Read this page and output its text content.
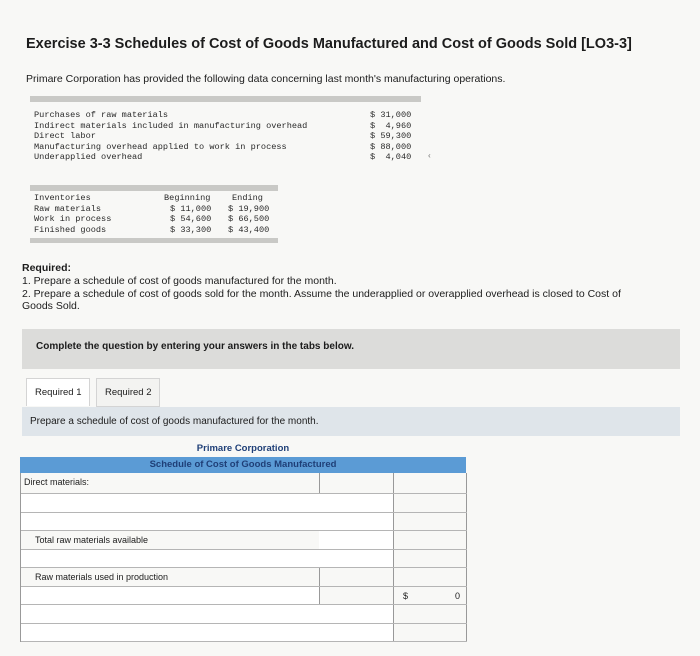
Exercise 3-3 Schedules of Cost of Goods Manufactured and Cost of Goods Sold [LO3-3]
Primare Corporation has provided the following data concerning last month's manufacturing operations.
Purchases of raw materials	$ 31,000
Indirect materials included in manufacturing overhead	$  4,960
Direct labor	$ 59,300
Manufacturing overhead applied to work in process	$ 88,000
Underapplied overhead	$  4,040 ‹
Inventories	Beginning	Ending
Raw materials	$ 11,000 $ 19,900
Work in process	$ 54,600 $ 66,500
Finished goods	$ 33,300 $ 43,400
Required:
1. Prepare a schedule of cost of goods manufactured for the month.
2. Prepare a schedule of cost of goods sold for the month. Assume the underapplied or overapplied overhead is closed to Cost of
Goods Sold.
Complete the question by entering your answers in the tabs below.
Required 1	Required 2
Prepare a schedule of cost of goods manufactured for the month.
Primare Corporation
Schedule of Cost of Goods Manufactured
Direct materials:
Total raw materials available
Raw materials used in production
$	0
